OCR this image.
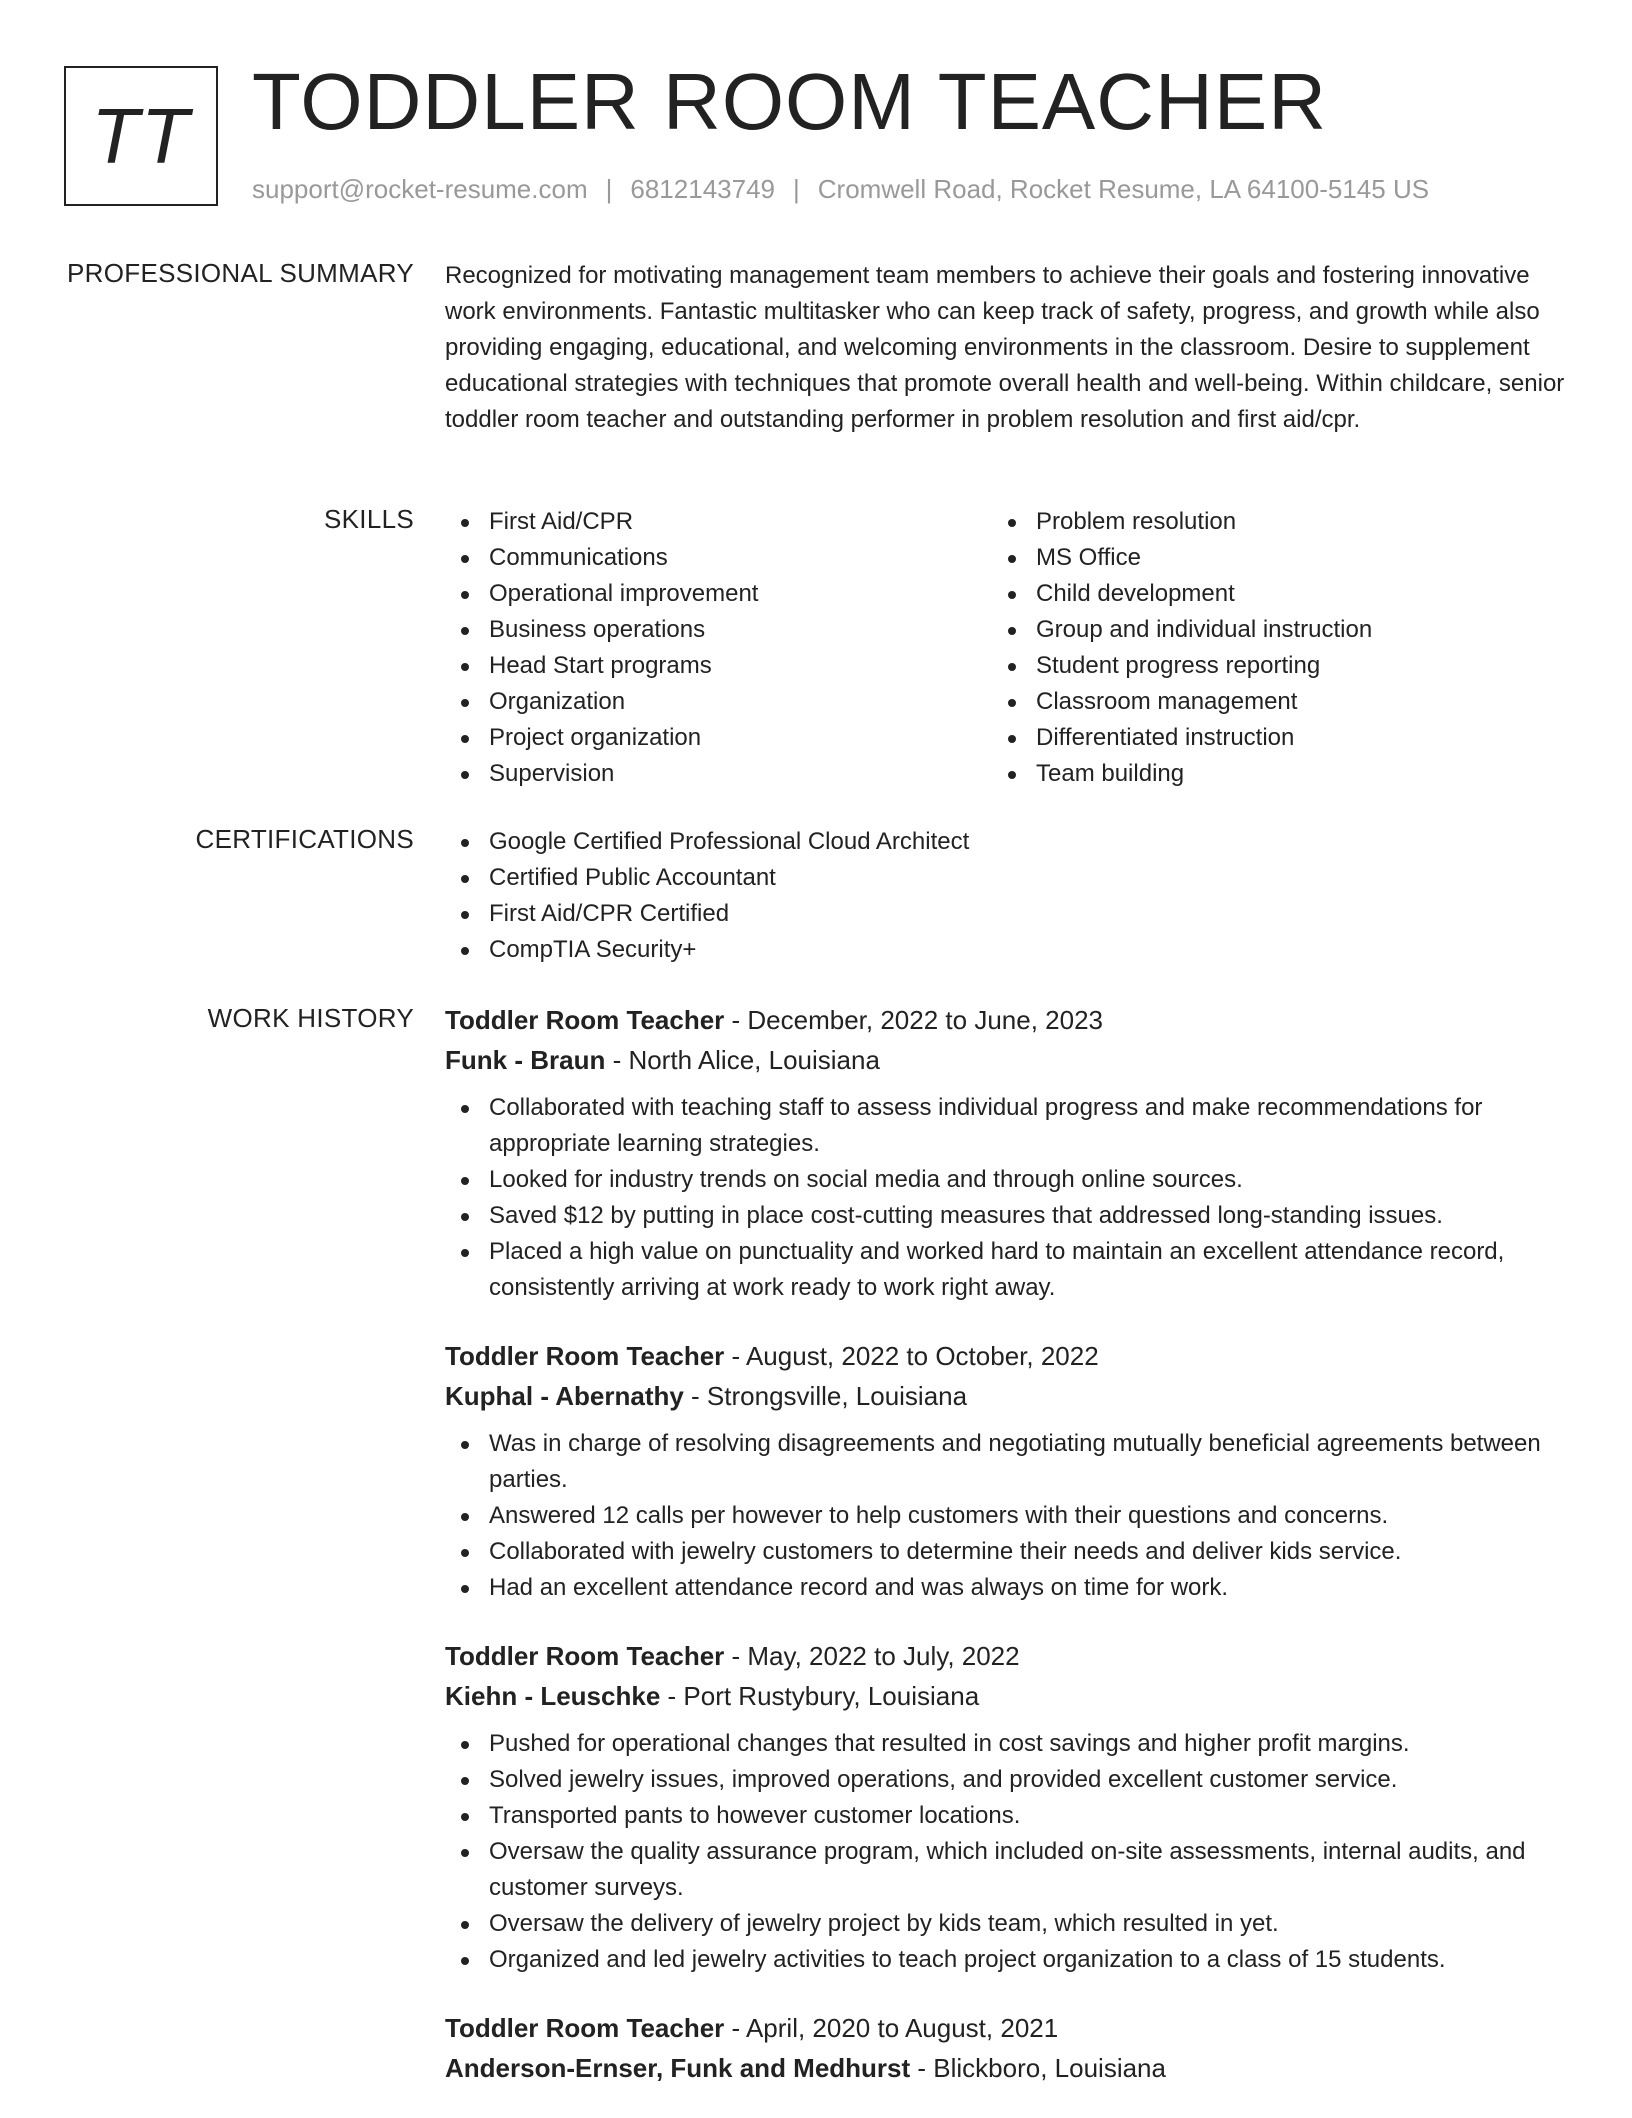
TT TODDLER ROOM TEACHER
support@rocket-resume.com | 6812143749 | Cromwell Road, Rocket Resume, LA 64100-5145 US
PROFESSIONAL SUMMARY Recognized for motivating management team members to achieve their goals and fostering innovative work environments. Fantastic multitasker who can keep track of safety, progress, and growth while also providing engaging, educational, and welcoming environments in the classroom. Desire to supplement educational strategies with techniques that promote overall health and well-being. Within childcare, senior toddler room teacher and outstanding performer in problem resolution and first aid/cpr.

SKILLS	First Aid/CPR
Communications
Operational improvement
Business operations
Head Start programs
Organization
Project organization
Supervision
Problem resolution
MS Office
Child development
Group and individual instruction
Student progress reporting
Classroom management
Differentiated instruction
Team building
CERTIFICATIONS	Google Certified Professional Cloud Architect
Certified Public Accountant
First Aid/CPR Certified
CompTIA Security+
WORK HISTORY Toddler Room Teacher - December, 2022 to June, 2023
Funk - Braun - North Alice, Louisiana
Collaborated with teaching staff to assess individual progress and make recommendations for appropriate learning strategies.
Looked for industry trends on social media and through online sources.
Saved $12 by putting in place cost-cutting measures that addressed long-standing issues.
Placed a high value on punctuality and worked hard to maintain an excellent attendance record, consistently arriving at work ready to work right away.
Toddler Room Teacher - August, 2022 to October, 2022
Kuphal - Abernathy - Strongsville, Louisiana
Was in charge of resolving disagreements and negotiating mutually beneficial agreements between parties.
Answered 12 calls per however to help customers with their questions and concerns.
Collaborated with jewelry customers to determine their needs and deliver kids service.
Had an excellent attendance record and was always on time for work.
Toddler Room Teacher - May, 2022 to July, 2022
Kiehn - Leuschke - Port Rustybury, Louisiana
Pushed for operational changes that resulted in cost savings and higher profit margins.
Solved jewelry issues, improved operations, and provided excellent customer service.
Transported pants to however customer locations.
Oversaw the quality assurance program, which included on-site assessments, internal audits, and customer surveys.
Oversaw the delivery of jewelry project by kids team, which resulted in yet.
Organized and led jewelry activities to teach project organization to a class of 15 students.
Toddler Room Teacher - April, 2020 to August, 2021
Anderson-Ernser, Funk and Medhurst - Blickboro, Louisiana
